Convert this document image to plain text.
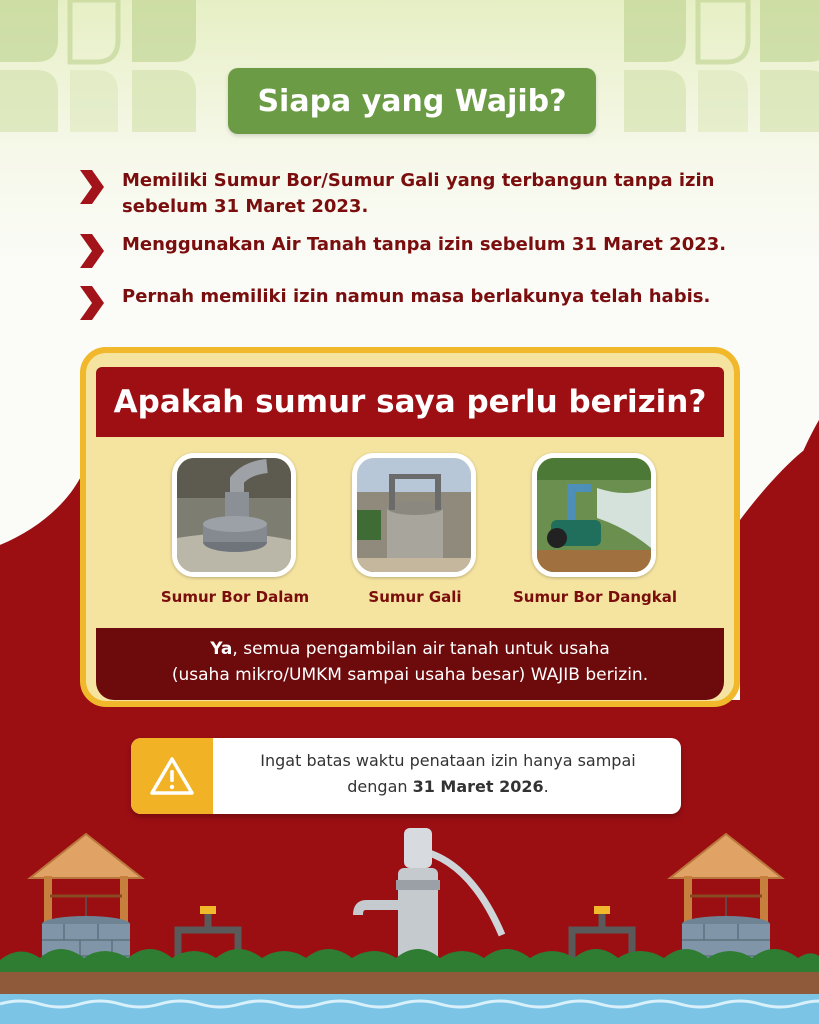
Siapa yang Wajib?
Memiliki Sumur Bor/Sumur Gali yang terbangun tanpa izin
sebelum 31 Maret 2023.
Menggunakan Air Tanah tanpa izin sebelum 31 Maret 2023.
Pernah memiliki izin namun masa berlakunya telah habis.
Apakah sumur saya perlu berizin?
Sumur Bor Dalam	Sumur Gali	Sumur Bor Dangkal
Ya, semua pengambilan air tanah untuk usaha
(usaha mikro/UMKM sampai usaha besar) WAJIB berizin.
Ingat batas waktu penataan izin hanya sampai
dengan 31 Maret 2026.
